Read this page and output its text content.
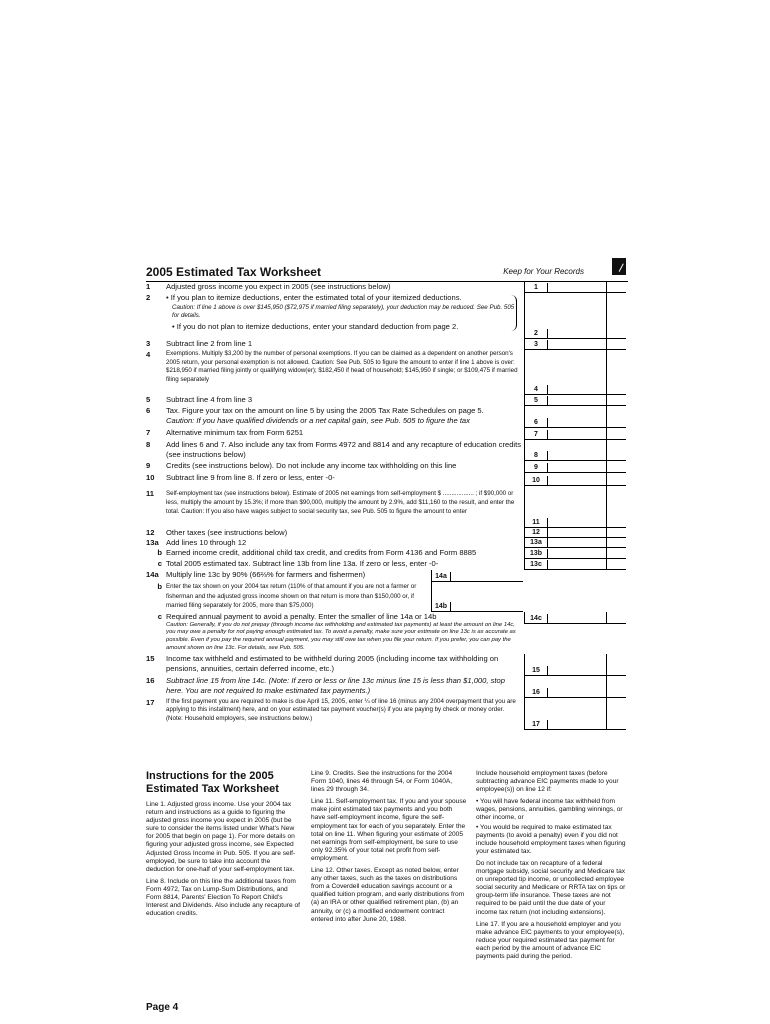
2005 Estimated Tax Worksheet	Keep for Your Records
1	Adjusted gross income you expect in 2005 (see instructions below)	1
2	• If you plan to itemize deductions, enter the estimated total of your itemized deductions.
Caution: If line 1 above is over $145,950 ($72,975 if married filing separately), your deduction may be reduced. See Pub. 505 for details.
• If you do not plan to itemize deductions, enter your standard deduction from page 2.
2
3	Subtract line 2 from line 1	3
4	Exemptions. Multiply $3,200 by the number of personal exemptions. If you can be claimed as a dependent on another person's 2005 return, your personal exemption is not allowed. Caution: See Pub. 505 to figure the amount to enter if line 1 above is over: $218,950 if married filing jointly or qualifying widow(er); $182,450 if head of household; $145,950 if single; or $109,475 if married filing separately
4
5	Subtract line 4 from line 3	5
6	Tax. Figure your tax on the amount on line 5 by using the 2005 Tax Rate Schedules on page 5.
Caution: If you have qualified dividends or a net capital gain, see Pub. 505 to figure the tax	6
7	Alternative minimum tax from Form 6251	7
8	Add lines 6 and 7. Also include any tax from Forms 4972 and 8814 and any recapture of education credits (see instructions below)	8
9	Credits (see instructions below). Do not include any income tax withholding on this line	9
10	Subtract line 9 from line 8. If zero or less, enter -0-	10
11	Self-employment tax (see instructions below). Estimate of 2005 net earnings from self-employment $ .................. ; if $90,000 or less, multiply the amount by 15.3%; if more than $90,000, multiply the amount by 2.9%, add $11,160 to the result, and enter the total. Caution: If you also have wages subject to social security tax, see Pub. 505 to figure the amount to enter
11
12	Other taxes (see instructions below)	12
13a Add lines 10 through 12	13a
b Earned income credit, additional child tax credit, and credits from Form 4136 and Form 8885	13b
c Total 2005 estimated tax. Subtract line 13b from line 13a. If zero or less, enter -0-	13c
14a Multiply line 13c by 90% (66⅔% for farmers and fishermen)	14a
b Enter the tax shown on your 2004 tax return (110% of that amount if you are not a farmer or fisherman and the adjusted gross income shown on that return is more than $150,000 or, if married filing separately for 2005, more than $75,000)	14b
c Required annual payment to avoid a penalty. Enter the smaller of line 14a or 14b
Caution: Generally, if you do not prepay (through income tax withholding and estimated tax payments) at least the amount on line 14c, you may owe a penalty for not paying enough estimated tax. To avoid a penalty, make sure your estimate on line 13c is as accurate as possible. Even if you pay the required annual payment, you may still owe tax when you file your return. If you prefer, you can pay the amount shown on line 13c. For details, see Pub. 505.
14c
15	Income tax withheld and estimated to be withheld during 2005 (including income tax withholding on pensions, annuities, certain deferred income, etc.)	15
16	Subtract line 15 from line 14c. (Note: If zero or less or line 13c minus line 15 is less than $1,000, stop here. You are not required to make estimated tax payments.)	16
17	If the first payment you are required to make is due April 15, 2005, enter ¼ of line 16 (minus any 2004 overpayment that you are applying to this installment) here, and on your estimated tax payment voucher(s) if you are paying by check or money order. (Note: Household employers, see instructions below.)
17
Instructions for the 2005 Estimated Tax Worksheet

Line 1. Adjusted gross income. Use your 2004 tax return and instructions as a guide to figuring the adjusted gross income you expect in 2005 (but be sure to consider the items listed under What's New for 2005 that begin on page 1). For more details on figuring your adjusted gross income, see Expected Adjusted Gross Income in Pub. 505. If you are self-employed, be sure to take into account the deduction for one-half of your self-employment tax.

Line 8. Include on this line the additional taxes from Form 4972, Tax on Lump-Sum Distributions, and Form 8814, Parents' Election To Report Child's Interest and Dividends. Also include any recapture of education credits.

Line 9. Credits. See the instructions for the 2004 Form 1040, lines 46 through 54, or Form 1040A, lines 29 through 34.

Line 11. Self-employment tax. If you and your spouse make joint estimated tax payments and you both have self-employment income, figure the self-employment tax for each of you separately. Enter the total on line 11. When figuring your estimate of 2005 net earnings from self-employment, be sure to use only 92.35% of your total net profit from self-employment.

Line 12. Other taxes. Except as noted below, enter any other taxes, such as the taxes on distributions from a Coverdell education savings account or a qualified tuition program, and early distributions from (a) an IRA or other qualified retirement plan, (b) an annuity, or (c) a modified endowment contract entered into after June 20, 1988.

Include household employment taxes (before subtracting advance EIC payments made to your employee(s)) on line 12 if:

• You will have federal income tax withheld from wages, pensions, annuities, gambling winnings, or other income, or

• You would be required to make estimated tax payments (to avoid a penalty) even if you did not include household employment taxes when figuring your estimated tax.

Do not include tax on recapture of a federal mortgage subsidy, social security and Medicare tax on unreported tip income, or uncollected employee social security and Medicare or RRTA tax on tips or group-term life insurance. These taxes are not required to be paid until the due date of your income tax return (not including extensions).

Line 17. If you are a household employer and you make advance EIC payments to your employee(s), reduce your required estimated tax payment for each period by the amount of advance EIC payments paid during the period.

Page 4
